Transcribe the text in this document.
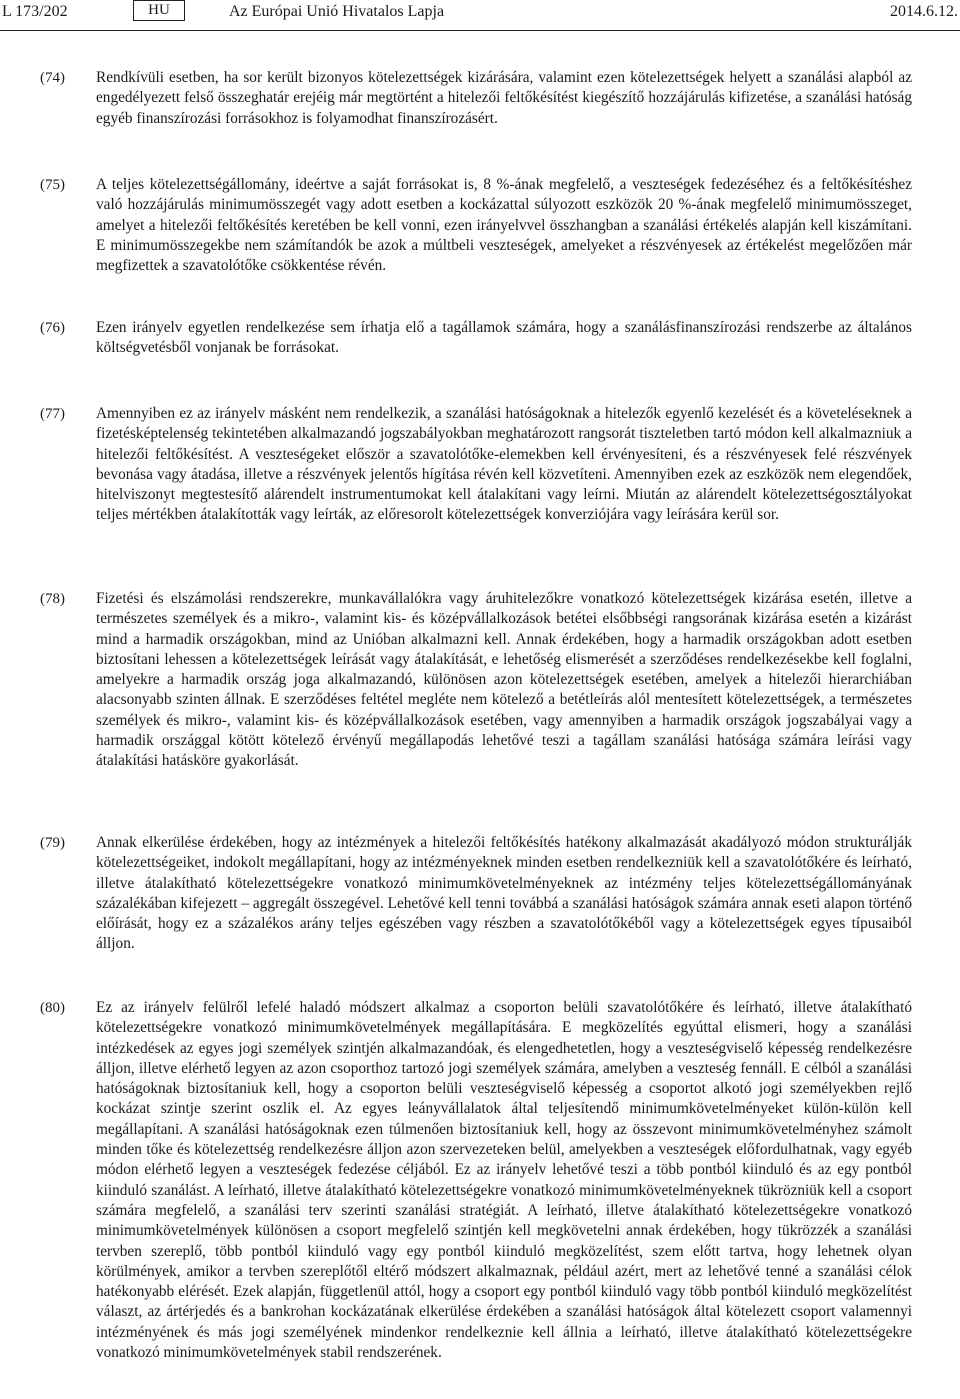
L 173/202	HU	Az Európai Unió Hivatalos Lapja	2014.6.12.
(74) Rendkívüli esetben, ha sor került bizonyos kötelezettségek kizárására, valamint ezen kötelezettségek helyett a szanálási alapból az engedélyezett felső összeghatár erejéig már megtörtént a hitelezői feltőkésítést kiegészítő hozzájárulás kifizetése, a szanálási hatóság egyéb finanszírozási forrásokhoz is folyamodhat finanszírozásért.
(75) A teljes kötelezettségállomány, ideértve a saját forrásokat is, 8 %-ának megfelelő, a veszteségek fedezéséhez és a feltőkésítéshez való hozzájárulás minimumösszegét vagy adott esetben a kockázattal súlyozott eszközök 20 %-ának megfelelő minimumösszeget, amelyet a hitelezői feltőkésítés keretében be kell vonni, ezen irányelvvel összhangban a szanálási értékelés alapján kell kiszámítani. E minimumösszegekbe nem számítandók be azok a múltbeli veszteségek, amelyeket a részvényesek az értékelést megelőzően már megfizettek a szavatolótőke csökkentése révén.
(76) Ezen irányelv egyetlen rendelkezése sem írhatja elő a tagállamok számára, hogy a szanálásfinanszírozási rendszerbe az általános költségvetésből vonjanak be forrásokat.
(77) Amennyiben ez az irányelv másként nem rendelkezik, a szanálási hatóságoknak a hitelezők egyenlő kezelését és a követeléseknek a fizetésképtelenség tekintetében alkalmazandó jogszabályokban meghatározott rangsorát tiszteletben tartó módon kell alkalmazniuk a hitelezői feltőkésítést. A veszteségeket először a szavatolótőke-elemekben kell érvényesíteni, és a részvényesek felé részvények bevonása vagy átadása, illetve a részvények jelentős hígítása révén kell közvetíteni. Amennyiben ezek az eszközök nem elegendőek, hitelviszonyt megtestesítő alárendelt instrumentumokat kell átalakítani vagy leírni. Miután az alárendelt kötelezettségosztályokat teljes mértékben átalakították vagy leírták, az előresorolt kötelezettségek konverziójára vagy leírására kerül sor.
(78) Fizetési és elszámolási rendszerekre, munkavállalókra vagy áruhitelezőkre vonatkozó kötelezettségek kizárása esetén, illetve a természetes személyek és a mikro-, valamint kis- és középvállalkozások betétei elsőbbségi rangsorának kizárása esetén a kizárást mind a harmadik országokban, mind az Unióban alkalmazni kell. Annak érdekében, hogy a harmadik országokban adott esetben biztosítani lehessen a kötelezettségek leírását vagy átalakítását, e lehetőség elismerését a szerződéses rendelkezésekbe kell foglalni, amelyekre a harmadik ország joga alkalmazandó, különösen azon kötelezettségek esetében, amelyek a hitelezői hierarchiában alacsonyabb szinten állnak. E szerződéses feltétel megléte nem kötelező a betétleírás alól mentesített kötelezettségek, a természetes személyek és mikro-, valamint kis- és középvállalkozások esetében, vagy amennyiben a harmadik országok jogszabályai vagy a harmadik országgal kötött kötelező érvényű megállapodás lehetővé teszi a tagállam szanálási hatósága számára leírási vagy átalakítási hatásköre gyakorlását.
(79) Annak elkerülése érdekében, hogy az intézmények a hitelezői feltőkésítés hatékony alkalmazását akadályozó módon strukturálják kötelezettségeiket, indokolt megállapítani, hogy az intézményeknek minden esetben rendelkezniük kell a szavatolótőkére és leírható, illetve átalakítható kötelezettségekre vonatkozó minimumkövetelményeknek az intézmény teljes kötelezettségállományának százalékában kifejezett – aggregált összegével. Lehetővé kell tenni továbbá a szanálási hatóságok számára annak eseti alapon történő előírását, hogy ez a százalékos arány teljes egészében vagy részben a szavatolótőkéből vagy a kötelezettségek egyes típusaiból álljon.
(80) Ez az irányelv felülről lefelé haladó módszert alkalmaz a csoporton belüli szavatolótőkére és leírható, illetve átalakítható kötelezettségekre vonatkozó minimumkövetelmények megállapítására. E megközelítés egyúttal elismeri, hogy a szanálási intézkedések az egyes jogi személyek szintjén alkalmazandóak, és elengedhetetlen, hogy a veszteségviselő képesség rendelkezésre álljon, illetve elérhető legyen az azon csoporthoz tartozó jogi személyek számára, amelyben a veszteség fennáll. E célból a szanálási hatóságoknak biztosítaniuk kell, hogy a csoporton belüli veszteségviselő képesség a csoportot alkotó jogi személyekben rejlő kockázat szintje szerint oszlik el. Az egyes leányvállalatok által teljesítendő minimumkövetelményeket külön-külön kell megállapítani. A szanálási hatóságoknak ezen túlmenően biztosítaniuk kell, hogy az összevont minimumkövetelményhez számolt minden tőke és kötelezettség rendelkezésre álljon azon szervezeteken belül, amelyekben a veszteségek előfordulhatnak, vagy egyéb módon elérhető legyen a veszteségek fedezése céljából. Ez az irányelv lehetővé teszi a több pontból kiinduló és az egy pontból kiinduló szanálást. A leírható, illetve átalakítható kötelezettségekre vonatkozó minimumkövetelményeknek tükrözniük kell a csoport számára megfelelő, a szanálási terv szerinti szanálási stratégiát. A leírható, illetve átalakítható kötelezettségekre vonatkozó minimumkövetelmények különösen a csoport megfelelő szintjén kell megkövetelni annak érdekében, hogy tükrözzék a szanálási tervben szereplő, több pontból kiinduló vagy egy pontból kiinduló megközelítést, szem előtt tartva, hogy lehetnek olyan körülmények, amikor a tervben szereplőtől eltérő módszert alkalmaznak, például azért, mert az lehetővé tenné a szanálási célok hatékonyabb elérését. Ezek alapján, függetlenül attól, hogy a csoport egy pontból kiinduló vagy több pontból kiinduló megközelítést választ, az ártérjedés és a bankrohan kockázatának elkerülése érdekében a szanálási hatóságok által kötelezett csoport valamennyi intézményének és más jogi személyének mindenkor rendelkeznie kell állnia a leírható, illetve átalakítható kötelezettségekre vonatkozó minimumkövetelmények stabil rendszerének.
